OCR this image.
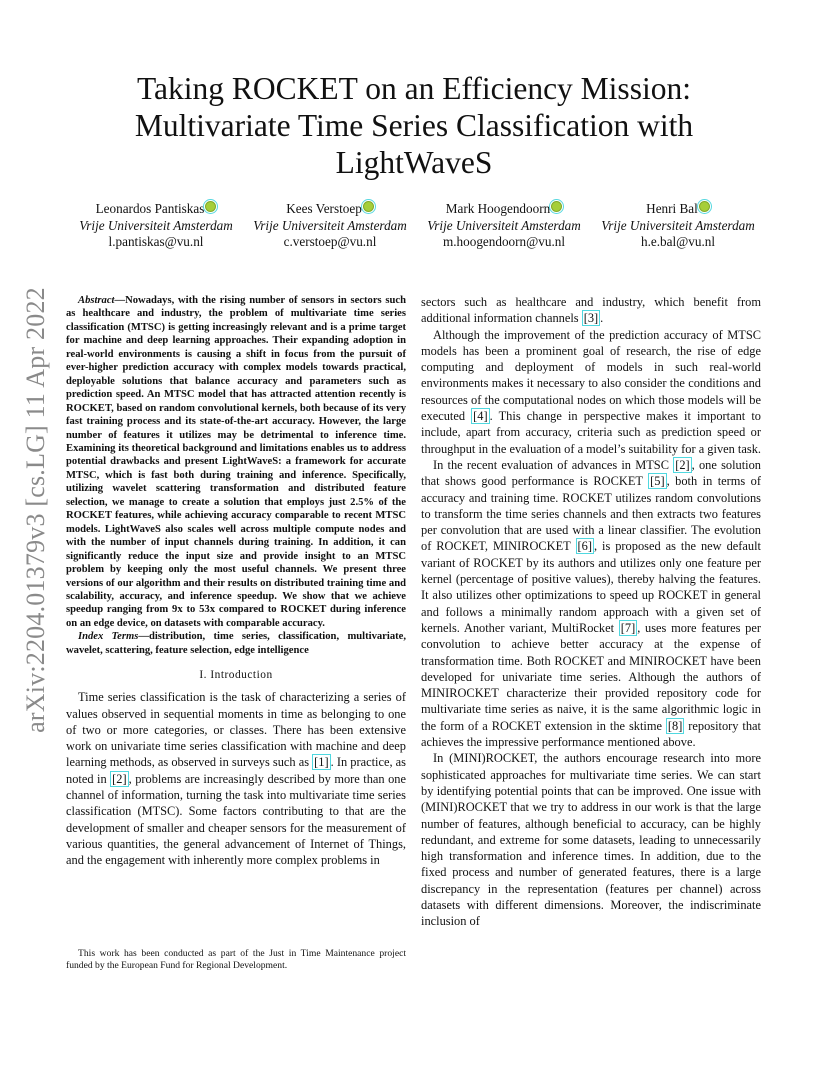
arXiv:2204.01379v3 [cs.LG] 11 Apr 2022
Taking ROCKET on an Efficiency Mission:
Multivariate Time Series Classification with
LightWaveS
Leonardos Pantiskas
Vrije Universiteit Amsterdam
l.pantiskas@vu.nl
Kees Verstoep
Vrije Universiteit Amsterdam
c.verstoep@vu.nl
Mark Hoogendoorn
Vrije Universiteit Amsterdam
m.hoogendoorn@vu.nl
Henri Bal
Vrije Universiteit Amsterdam
h.e.bal@vu.nl

Abstract—Nowadays, with the rising number of sensors in sectors such as healthcare and industry, the problem of multivariate time series classification (MTSC) is getting increasingly relevant and is a prime target for machine and deep learning approaches. Their expanding adoption in real-world environments is causing a shift in focus from the pursuit of ever-higher prediction accuracy with complex models towards practical, deployable solutions that balance accuracy and parameters such as prediction speed. An MTSC model that has attracted attention recently is ROCKET, based on random convolutional kernels, both because of its very fast training process and its state-of-the-art accuracy. However, the large number of features it utilizes may be detrimental to inference time. Examining its theoretical background and limitations enables us to address potential drawbacks and present LightWaveS: a framework for accurate MTSC, which is fast both during training and inference. Specifically, utilizing wavelet scattering transformation and distributed feature selection, we manage to create a solution that employs just 2.5% of the ROCKET features, while achieving accuracy comparable to recent MTSC models. LightWaveS also scales well across multiple compute nodes and with the number of input channels during training. In addition, it can significantly reduce the input size and provide insight to an MTSC problem by keeping only the most useful channels. We present three versions of our algorithm and their results on distributed training time and scalability, accuracy, and inference speedup. We show that we achieve speedup ranging from 9x to 53x compared to ROCKET during inference on an edge device, on datasets with comparable accuracy.

Index Terms—distribution, time series, classification, multivariate, wavelet, scattering, feature selection, edge intelligence

I. Introduction

Time series classification is the task of characterizing a series of values observed in sequential moments in time as belonging to one of two or more categories, or classes. There has been extensive work on univariate time series classification with machine and deep learning methods, as observed in surveys such as [1] . In practice, as noted in [2] , problems are increasingly described by more than one channel of information, turning the task into multivariate time series classification (MTSC). Some factors contributing to that are the development of smaller and cheaper sensors for the measurement of various quantities, the general advancement of Internet of Things, and the engagement with inherently more complex problems in

This work has been conducted as part of the Just in Time Maintenance project funded by the European Fund for Regional Development.

sectors such as healthcare and industry, which benefit from additional information channels [3] .

Although the improvement of the prediction accuracy of MTSC models has been a prominent goal of research, the rise of edge computing and deployment of models in such real-world environments makes it necessary to also consider the conditions and resources of the computational nodes on which those models will be executed [4] . This change in perspective makes it important to include, apart from accuracy, criteria such as prediction speed or throughput in the evaluation of a model’s suitability for a given task.

In the recent evaluation of advances in MTSC [2] , one solution that shows good performance is ROCKET [5] , both in terms of accuracy and training time. ROCKET utilizes random convolutions to transform the time series channels and then extracts two features per convolution that are used with a linear classifier. The evolution of ROCKET, MINIROCKET [6] , is proposed as the new default variant of ROCKET by its authors and utilizes only one feature per kernel (percentage of positive values), thereby halving the features. It also utilizes other optimizations to speed up ROCKET in general and follows a minimally random approach with a given set of kernels. Another variant, MultiRocket [7] , uses more features per convolution to achieve better accuracy at the expense of transformation time. Both ROCKET and MINIROCKET have been developed for univariate time series. Although the authors of MINIROCKET characterize their provided repository code for multivariate time series as naive, it is the same algorithmic logic in the form of a ROCKET extension in the sktime [8] repository that achieves the impressive performance mentioned above.

In (MINI)ROCKET, the authors encourage research into more sophisticated approaches for multivariate time series. We can start by identifying potential points that can be improved. One issue with (MINI)ROCKET that we try to address in our work is that the large number of features, although beneficial to accuracy, can be highly redundant, and extreme for some datasets, leading to unnecessarily high transformation and inference times. In addition, due to the fixed process and number of generated features, there is a large discrepancy in the representation (features per channel) across datasets with different dimensions. Moreover, the indiscriminate inclusion of
